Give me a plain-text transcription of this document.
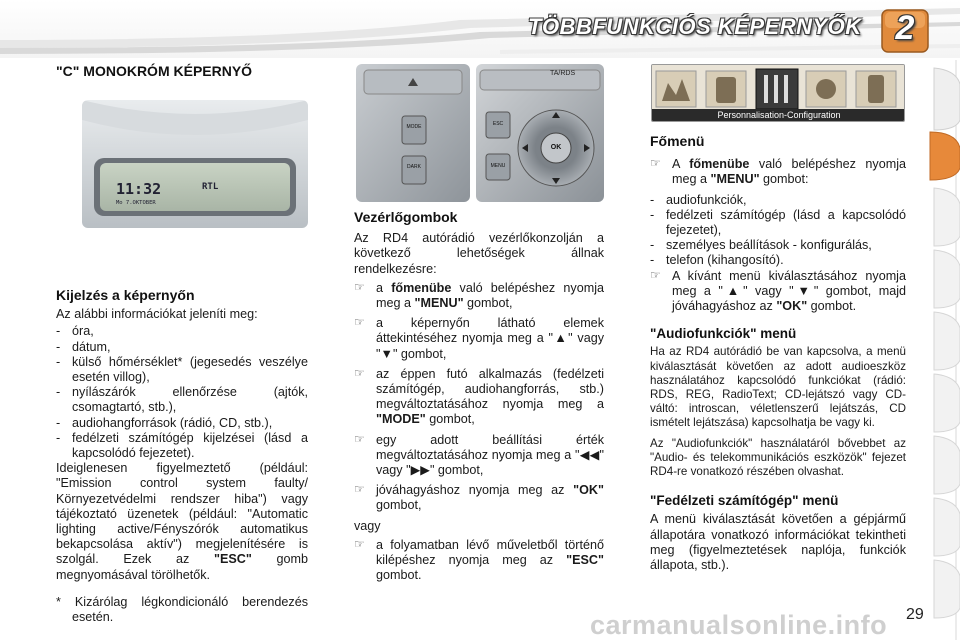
TÖBBFUNKCIÓS KÉPERNYŐK 2
"C" MONOKRÓM KÉPERNYŐ
11:32	RTL
Mo 7.OKTOBER
Kijelzés a képernyőn
Az alábbi információkat jeleníti meg:
- óra,
- dátum,
- külső hőmérséklet* (jegesedés veszélye esetén villog),
- nyílászárók ellenőrzése (ajtók, csomagtartó, stb.),
- audiohangforrások (rádió, CD, stb.),
- fedélzeti számítógép kijelzései (lásd a kapcsolódó fejezetet).
Ideiglenesen figyelmeztető (például: "Emission control system faulty/ Környezetvédelmi rendszer hiba") vagy tájékoztató üzenetek (például: "Automatic lighting active/Fényszórók automatikus bekapcsolása aktív") megjelenítésére is szolgál. Ezek az "ESC" gomb megnyomásával törölhetők.
* Kizárólag légkondicionáló berendezés esetén.
MODE
DARK
TA/RDS
ESC
MENU
OK
Vezérlőgombok
Az RD4 autórádió vezérlőkonzolján a következő lehetőségek állnak rendelkezésre:
☞ a főmenübe való belépéshez nyomja meg a "MENU" gombot,
☞ a képernyőn látható elemek áttekintéséhez nyomja meg a "▲" vagy "▼" gombot,
☞ az éppen futó alkalmazás (fedélzeti számítógép, audiohangforrás, stb.) megváltoztatásához nyomja meg a "MODE" gombot,
☞ egy adott beállítási érték megváltoztatásához nyomja meg a "◀◀" vagy "▶▶" gombot,
☞ jóváhagyáshoz nyomja meg az "OK" gombot,
vagy
☞ a folyamatban lévő műveletből történő kilépéshez nyomja meg az "ESC" gombot.
Personnalisation-Configuration
Főmenü
☞ A főmenübe való belépéshez nyomja meg a "MENU" gombot:
- audiofunkciók,
- fedélzeti számítógép (lásd a kapcsolódó fejezetet),
- személyes beállítások - konfigurálás,
- telefon (kihangosító).
☞ A kívánt menü kiválasztásához nyomja meg a "▲" vagy "▼" gombot, majd jóváhagyáshoz az "OK" gombot.
"Audiofunkciók" menü
Ha az RD4 autórádió be van kapcsolva, a menü kiválasztását követően az adott audioeszköz használatához kapcsolódó funkciókat (rádió: RDS, REG, RadioText; CD-lejátszó vagy CD-váltó: introscan, véletlenszerű lejátszás, CD ismételt lejátszása) kapcsolhatja be vagy ki.
Az "Audiofunkciók" használatáról bővebbet az "Audio- és telekommunikációs eszközök" fejezet RD4-re vonatkozó részében olvashat.
"Fedélzeti számítógép" menü
A menü kiválasztását követően a gépjármű állapotára vonatkozó információkat tekintheti meg (figyelmeztetések naplója, funkciók állapota, stb.).
carmanualsonline.info 29
